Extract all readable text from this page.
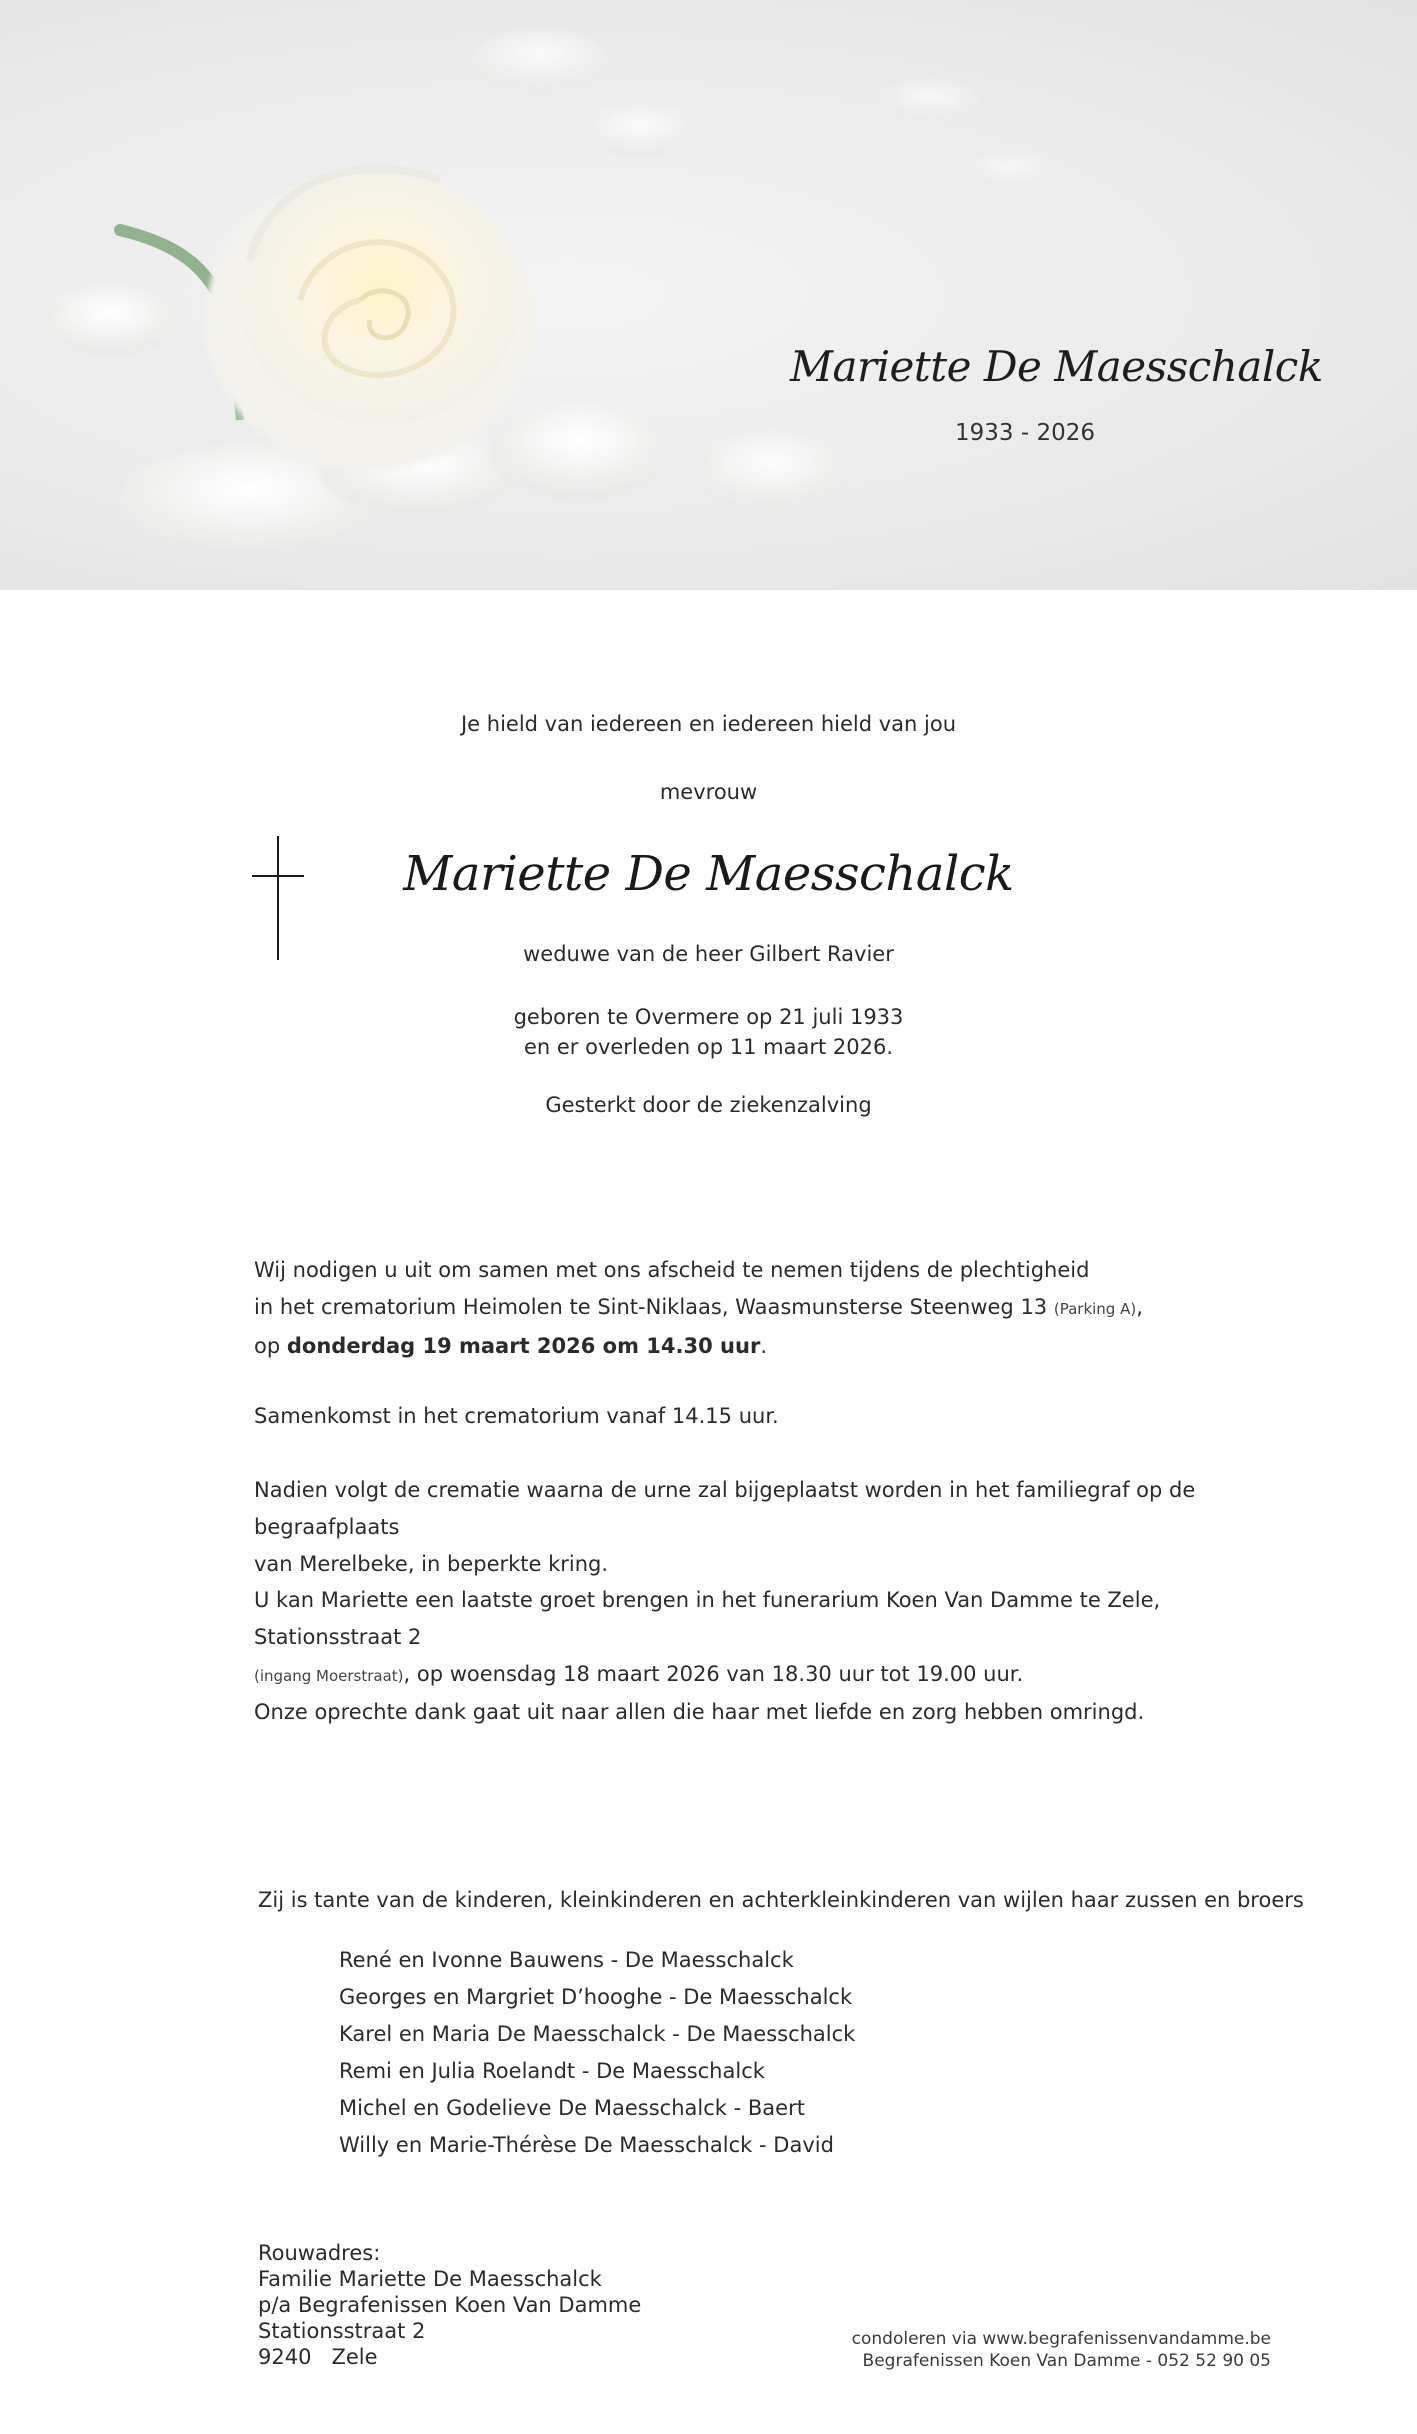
Mariette De Maesschalck
1933 - 2026
Je hield van iedereen en iedereen hield van jou
mevrouw
Mariette De Maesschalck
weduwe van de heer Gilbert Ravier
geboren te Overmere op 21 juli 1933
en er overleden op 11 maart 2026.
Gesterkt door de ziekenzalving
Wij nodigen u uit om samen met ons afscheid te nemen tijdens de plechtigheid
in het crematorium Heimolen te Sint-Niklaas, Waasmunsterse Steenweg 13 (Parking A),
op donderdag 19 maart 2026 om 14.30 uur.
Samenkomst in het crematorium vanaf 14.15 uur.
Nadien volgt de crematie waarna de urne zal bijgeplaatst worden in het familiegraf op de begraafplaats
van Merelbeke, in beperkte kring.
U kan Mariette een laatste groet brengen in het funerarium Koen Van Damme te Zele, Stationsstraat 2
(ingang Moerstraat), op woensdag 18 maart 2026 van 18.30 uur tot 19.00 uur.
Onze oprechte dank gaat uit naar allen die haar met liefde en zorg hebben omringd.
Zij is tante van de kinderen, kleinkinderen en achterkleinkinderen van wijlen haar zussen en broers
René en Ivonne Bauwens - De Maesschalck
Georges en Margriet D’hooghe - De Maesschalck
Karel en Maria De Maesschalck - De Maesschalck
Remi en Julia Roelandt - De Maesschalck
Michel en Godelieve De Maesschalck - Baert
Willy en Marie-Thérèse De Maesschalck - David
Rouwadres:
Familie Mariette De Maesschalck
p/a Begrafenissen Koen Van Damme
Stationsstraat 2
9240 Zele
condoleren via www.begrafenissenvandamme.be
Begrafenissen Koen Van Damme - 052 52 90 05
